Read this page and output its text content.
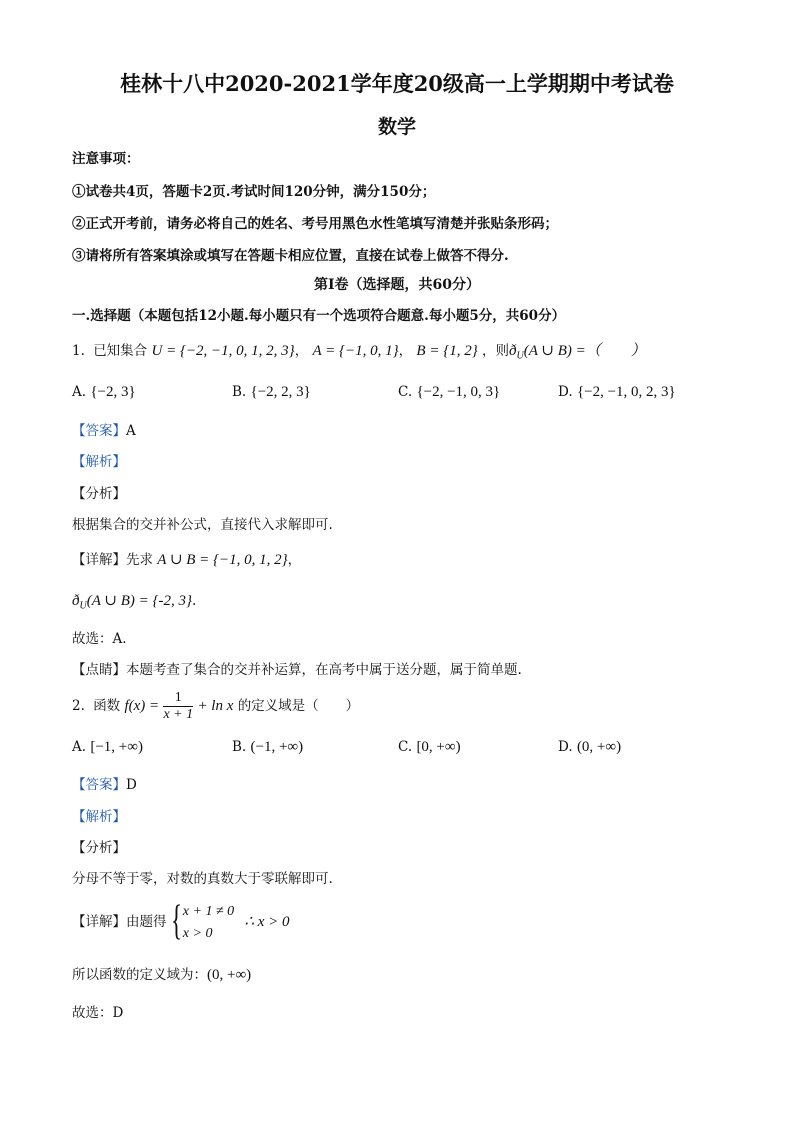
桂林十八中2020-2021学年度20级高一上学期期中考试卷
数学
注意事项：
①试卷共4页，答题卡2页.考试时间120分钟，满分150分；
②正式开考前，请务必将自己的姓名、考号用黑色水性笔填写清楚并张贴条形码；
③请将所有答案填涂或填写在答题卡相应位置，直接在试卷上做答不得分.
第Ⅰ卷（选择题，共60分）
一.选择题（本题包括12小题.每小题只有一个选项符合题意.每小题5分，共60分）
1. 已知集合 U = {−2, −1, 0, 1, 2, 3}， A = {−1, 0, 1}， B = {1, 2} ，则$ð_U(A$ ∪ B) =（　　）
A. {−2, 3}	B. {−2, 2, 3}	C. {−2, −1, 0, 3}	D. {−2, −1, 0, 2, 3}
【答案】A
【解析】
【分析】
根据集合的交并补公式，直接代入求解即可.
【详解】先求 A ∪ B = {−1, 0, 1, 2}，
$ð_U(A$ ∪ B) = {-2, 3}.
故选：A.
【点睛】本题考查了集合的交并补运算，在高考中属于送分题，属于简单题.
2. 函数 $f(x) = \frac{1}{x + 1} + \ln x$ 的定义域是（　　）
A. [−1, +∞)	B. (−1, +∞)	C. [0, +∞)	D. (0, +∞)
【答案】D
【解析】
【分析】
分母不等于零，对数的真数大于零联解即可.
【详解】由题得 { x + 1 ≠ 0
x > 0
∴ x > 0
所以函数的定义域为：(0, +∞)
故选：D
